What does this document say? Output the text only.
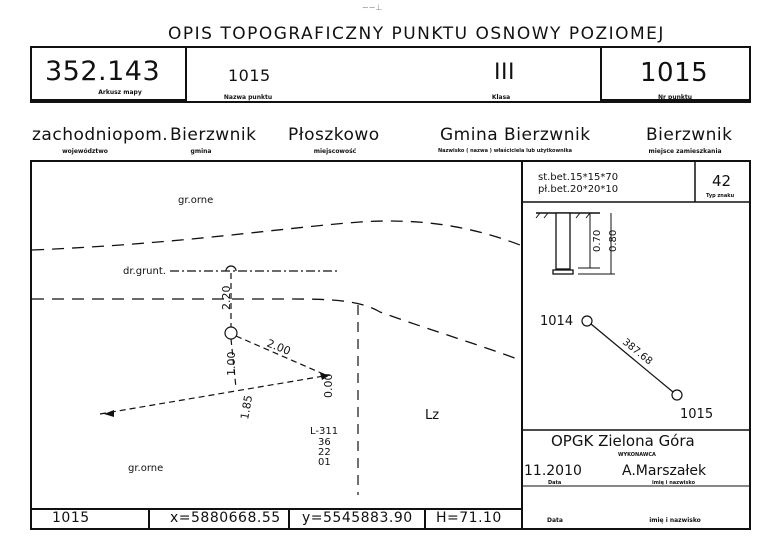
∼∽⊥
OPIS TOPOGRAFICZNY PUNKTU OSNOWY POZIOMEJ
352.143
Arkusz mapy
1015
Nazwa punktu
III
Klasa
1015
Nr punktu
zachodniopom.
województwo
Bierzwnik
gmina
Płoszkowo
miejscowość
Gmina Bierzwnik
Nazwisko ( nazwa ) właściciela lub użytkownika
Bierzwnik
miejsce zamieszkania
gr.orne
dr.grunt.
2.20
2.00
1.00
1.85
0.00
Lz
L-311
36
22
01
gr.orne
st.bet.15*15*70
pł.bet.20*20*10	42
Typ znaku
0.70 0.80
1014
1015
387.68
OPGK Zielona Góra
WYKONAWCA
11.2010
Data
A.Marszałek
imię i nazwisko
1015	x=5880668.55 y=5545883.90 H=71.10	Data	imię i nazwisko
